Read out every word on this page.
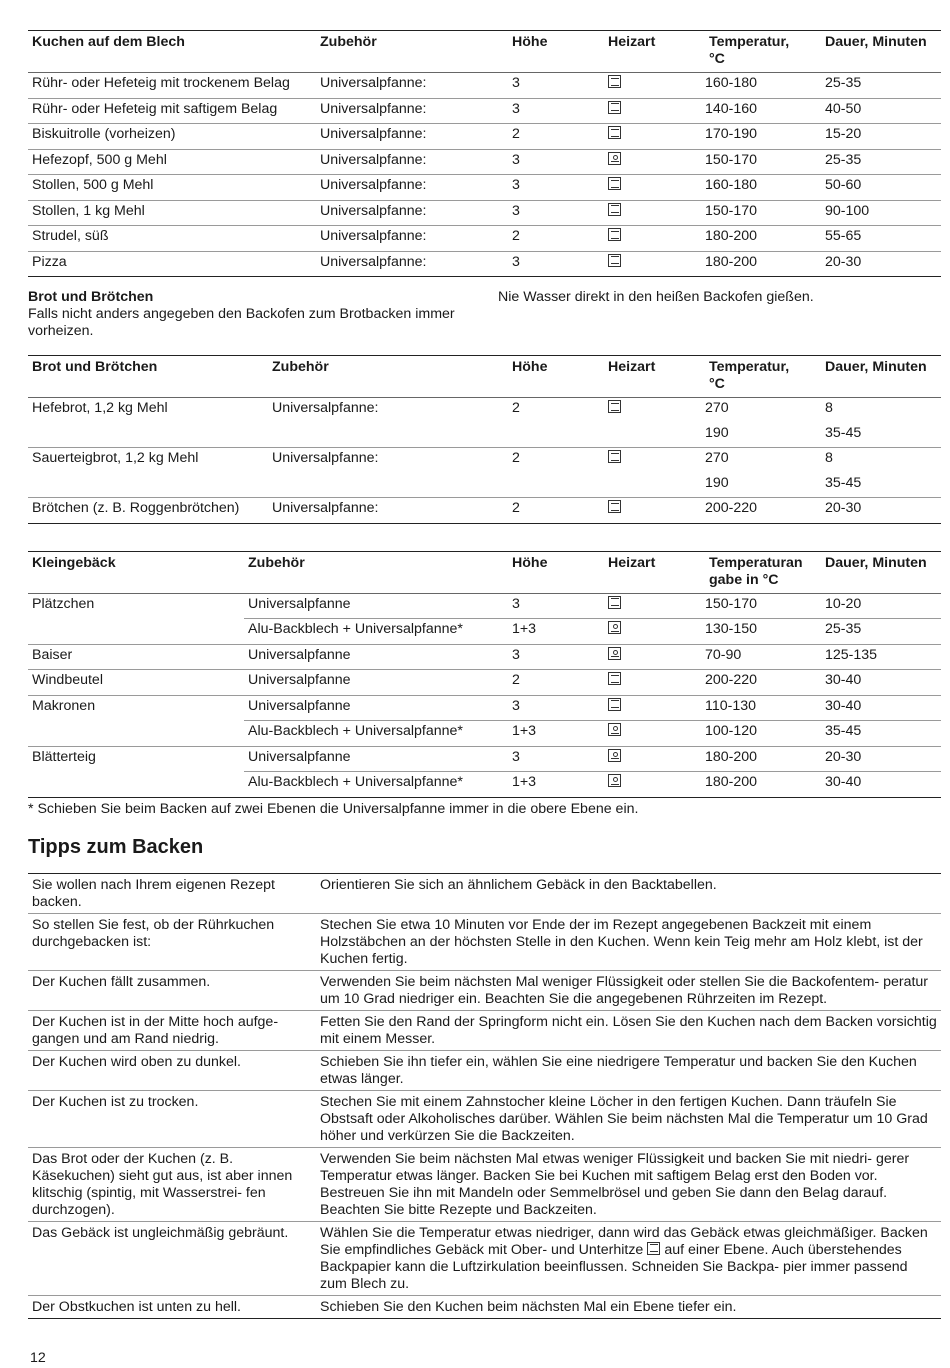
Kuchen auf dem Blech	Zubehör	Höhe	Heizart	Temperatur, °C	Dauer, Minuten
Rühr- oder Hefeteig mit trockenem Belag	Universalpfanne:	3		160-180	25-35
Rühr- oder Hefeteig mit saftigem Belag	Universalpfanne:	3		140-160	40-50
Biskuitrolle (vorheizen)	Universalpfanne:	2		170-190	15-20
Hefezopf, 500 g Mehl	Universalpfanne:	3		150-170	25-35
Stollen, 500 g Mehl	Universalpfanne:	3		160-180	50-60
Stollen, 1 kg Mehl	Universalpfanne:	3		150-170	90-100
Strudel, süß	Universalpfanne:	2		180-200	55-65
Pizza	Universalpfanne:	3		180-200	20-30
Brot und Brötchen
Falls nicht anders angegeben den Backofen zum Brotbacken immer vorheizen.
Nie Wasser direkt in den heißen Backofen gießen.
Brot und Brötchen	Zubehör	Höhe	Heizart	Temperatur, °C	Dauer, Minuten
Hefebrot, 1,2 kg Mehl	Universalpfanne:	2		270	8
				190	35-45
Sauerteigbrot, 1,2 kg Mehl	Universalpfanne:	2		270	8
				190	35-45
Brötchen (z. B. Roggenbrötchen)	Universalpfanne:	2		200-220	20-30
Kleingebäck	Zubehör	Höhe	Heizart	Temperaturan gabe in °C	Dauer, Minuten
Plätzchen	Universalpfanne	3		150-170	10-20
	Alu-Backblech + Universalpfanne*	1+3		130-150	25-35
Baiser	Universalpfanne	3		70-90	125-135
Windbeutel	Universalpfanne	2		200-220	30-40
Makronen	Universalpfanne	3		110-130	30-40
	Alu-Backblech + Universalpfanne*	1+3		100-120	35-45
Blätterteig	Universalpfanne	3		180-200	20-30
	Alu-Backblech + Universalpfanne*	1+3		180-200	30-40
* Schieben Sie beim Backen auf zwei Ebenen die Universalpfanne immer in die obere Ebene ein.
Tipps zum Backen
Sie wollen nach Ihrem eigenen Rezept backen.	Orientieren Sie sich an ähnlichem Gebäck in den Backtabellen.
So stellen Sie fest, ob der Rührkuchen durchgebacken ist:	Stechen Sie etwa 10 Minuten vor Ende der im Rezept angegebenen Backzeit mit einem Holzstäbchen an der höchsten Stelle in den Kuchen. Wenn kein Teig mehr am Holz klebt, ist der Kuchen fertig.
Der Kuchen fällt zusammen.	Verwenden Sie beim nächsten Mal weniger Flüssigkeit oder stellen Sie die Backofentem- peratur um 10 Grad niedriger ein. Beachten Sie die angegebenen Rührzeiten im Rezept.
Der Kuchen ist in der Mitte hoch aufge- gangen und am Rand niedrig.	Fetten Sie den Rand der Springform nicht ein. Lösen Sie den Kuchen nach dem Backen vorsichtig mit einem Messer.
Der Kuchen wird oben zu dunkel.	Schieben Sie ihn tiefer ein, wählen Sie eine niedrigere Temperatur und backen Sie den Kuchen etwas länger.
Der Kuchen ist zu trocken.	Stechen Sie mit einem Zahnstocher kleine Löcher in den fertigen Kuchen. Dann träufeln Sie Obstsaft oder Alkoholisches darüber. Wählen Sie beim nächsten Mal die Temperatur um 10 Grad höher und verkürzen Sie die Backzeiten.
Das Brot oder der Kuchen (z. B. Käsekuchen) sieht gut aus, ist aber innen klitschig (spintig, mit Wasserstrei- fen durchzogen).	Verwenden Sie beim nächsten Mal etwas weniger Flüssigkeit und backen Sie mit niedri- gerer Temperatur etwas länger. Backen Sie bei Kuchen mit saftigem Belag erst den Boden vor. Bestreuen Sie ihn mit Mandeln oder Semmelbrösel und geben Sie dann den Belag darauf. Beachten Sie bitte Rezepte und Backzeiten.
Das Gebäck ist ungleichmäßig gebräunt.	Wählen Sie die Temperatur etwas niedriger, dann wird das Gebäck etwas gleichmäßiger. Backen Sie empfindliches Gebäck mit Ober- und Unterhitze auf einer Ebene. Auch überstehendes Backpapier kann die Luftzirkulation beeinflussen. Schneiden Sie Backpa- pier immer passend zum Blech zu.
Der Obstkuchen ist unten zu hell.	Schieben Sie den Kuchen beim nächsten Mal ein Ebene tiefer ein.
12
